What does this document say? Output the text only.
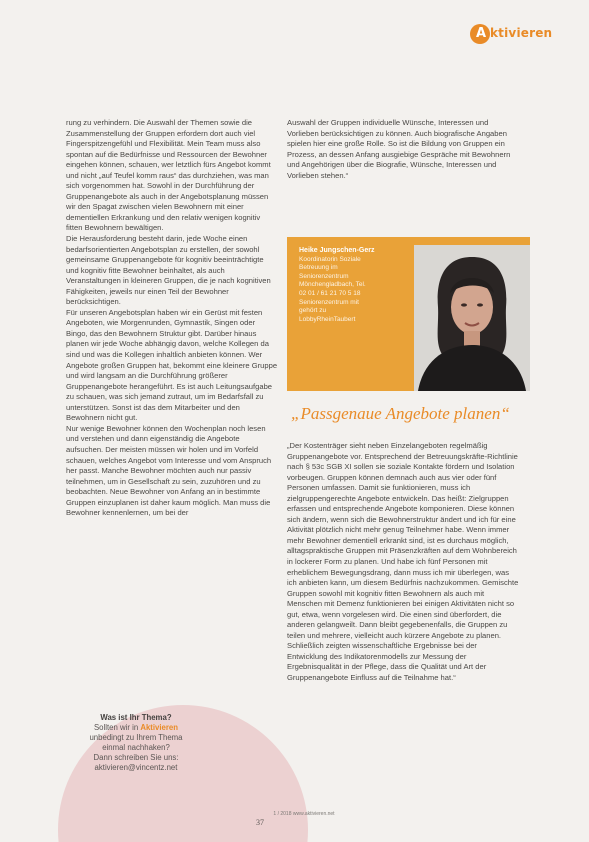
A ktivieren

rung zu verhindern. Die Auswahl der Themen sowie die Zusammenstellung der Gruppen erfordern dort auch viel Fingerspitzengefühl und Flexibilität. Mein Team muss also spontan auf die Bedürfnisse und Ressourcen der Bewohner eingehen können, schauen, wer letztlich fürs Angebot kommt und nicht „auf Teufel komm raus“ das durchziehen, was man sich vorgenommen hat. Sowohl in der Durchführung der Gruppenangebote als auch in der Angebotsplanung müssen wir den Spagat zwischen vielen Bewohnern mit einer dementiellen Erkrankung und den relativ wenigen kognitiv fitten Bewohnern bewältigen.

Die Herausforderung besteht darin, jede Woche einen bedarfsorientierten Angebotsplan zu erstellen, der sowohl gemeinsame Gruppenangebote für kognitiv beeinträchtigte und kognitiv fitte Bewohner beinhaltet, als auch Veranstaltungen in kleineren Gruppen, die je nach kognitiven Fähigkeiten, jeweils nur einen Teil der Bewohner berücksichtigen.

Für unseren Angebotsplan haben wir ein Gerüst mit festen Angeboten, wie Morgenrunden, Gymnastik, Singen oder Bingo, das den Bewohnern Struktur gibt. Darüber hinaus planen wir jede Woche abhängig davon, welche Kollegen da sind und was die Kollegen inhaltlich anbieten können. Wer Angebote großen Gruppen hat, bekommt eine kleinere Gruppe und wird langsam an die Durchführung größerer Gruppenangebote herangeführt. Es ist auch Leitungsaufgabe zu schauen, was sich jemand zutraut, um im Bedarfsfall zu unterstützen. Sonst ist das dem Mitarbeiter und den Bewohnern nicht gut.

Nur wenige Bewohner können den Wochenplan noch lesen und verstehen und dann eigenständig die Angebote aufsuchen. Der meisten müssen wir holen und im Vorfeld schauen, welches Angebot vom Interesse und vom Anspruch her passt. Manche Bewohner möchten auch nur passiv teilnehmen, um in Gesellschaft zu sein, zuzuhören und zu beobachten. Neue Bewohner von Anfang an in bestimmte Gruppen einzuplanen ist daher kaum möglich. Man muss die Bewohner kennenlernen, um bei der

Auswahl der Gruppen individuelle Wünsche, Interessen und Vorlieben berücksichtigen zu können. Auch biografische Angaben spielen hier eine große Rolle. So ist die Bildung von Gruppen ein Prozess, an dessen Anfang ausgiebige Gespräche mit Bewohnern und Angehörigen über die Biografie, Wünsche, Interessen und Vorlieben stehen.“

Heike Jungschen-Gerz
Koordinatorin Soziale
Betreuung im
Seniorenzentrum
Mönchengladbach, Tel.
02 01 / 61 21 70 5 18
Seniorenzentrum mit
gehört zu
LobbyRheinTaubert
„Passgenaue Angebote planen“

„Der Kostenträger sieht neben Einzelangeboten regelmäßig Gruppenangebote vor. Entsprechend der Betreuungskräfte-Richtlinie nach § 53c SGB XI sollen sie soziale Kontakte fördern und Isolation vorbeugen. Gruppen können demnach auch aus vier oder fünf Personen umfassen. Damit sie funktionieren, muss ich zielgruppengerechte Angebote entwickeln. Das heißt: Zielgruppen erfassen und entsprechende Angebote komponieren. Diese können sich ändern, wenn sich die Bewohnerstruktur ändert und ich für eine Aktivität plötzlich nicht mehr genug Teilnehmer habe. Wenn immer mehr Bewohner dementiell erkrankt sind, ist es durchaus möglich, alltagspraktische Gruppen mit Präsenzkräften auf dem Wohnbereich in lockerer Form zu planen. Und habe ich fünf Personen mit erheblichem Bewegungsdrang, dann muss ich mir überlegen, was ich anbieten kann, um diesem Bedürfnis nachzukommen. Gemischte Gruppen sowohl mit kognitiv fitten Bewohnern als auch mit Menschen mit Demenz funktionieren bei einigen Aktivitäten nicht so gut, etwa, wenn vorgelesen wird. Die einen sind überfordert, die anderen gelangweilt. Dann bleibt gegebenenfalls, die Gruppen zu teilen und mehrere, vielleicht auch kürzere Angebote zu planen.

Schließlich zeigten wissenschaftliche Ergebnisse bei der Entwicklung des Indikatorenmodells zur Messung der Ergebnisqualität in der Pflege, dass die Qualität und Art der Gruppenangebote Einfluss auf die Teilnahme hat.“

Was ist Ihr Thema?
Sollten wir in Aktivieren
unbedingt zu Ihrem Thema
einmal nachhaken?
Dann schreiben Sie uns:
aktivieren@vincentz.net
1 / 2018 www.aktivieren.net
37
